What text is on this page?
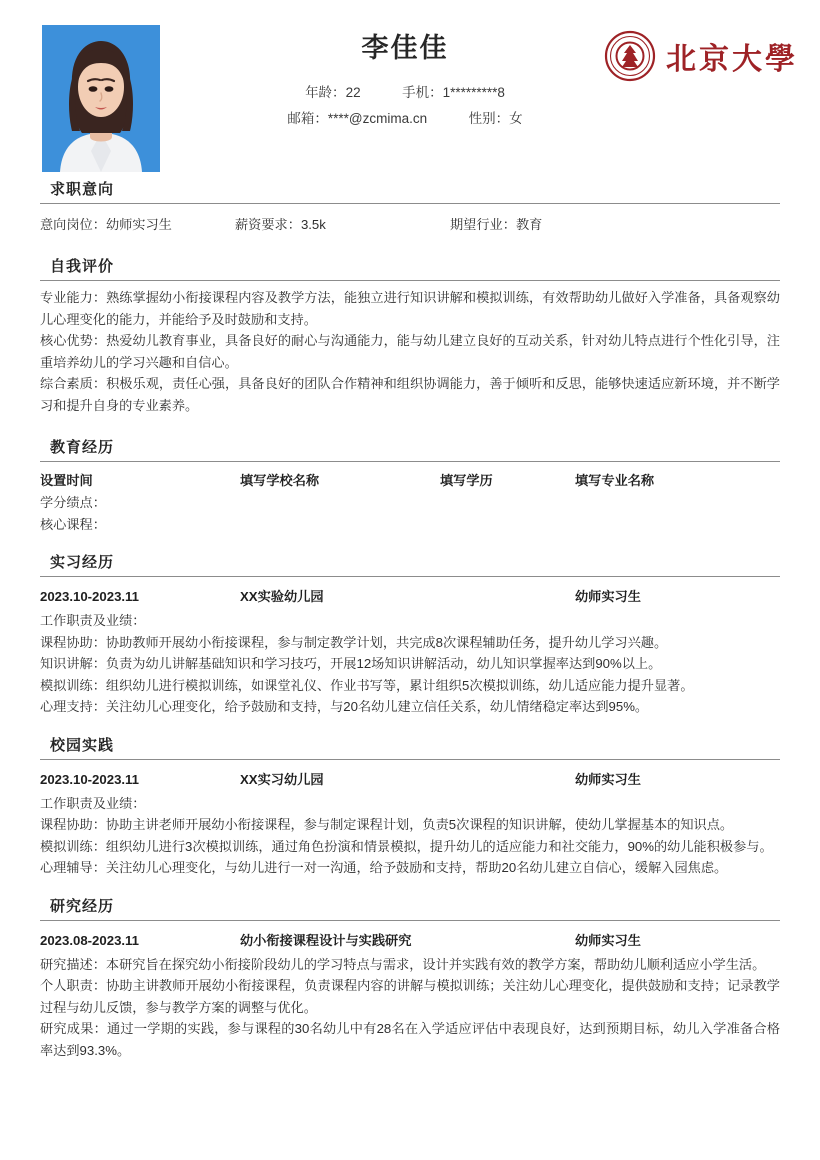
李佳佳
年龄：22	手机：1*********8
邮箱：****@zcmima.cn	性别：女
北京大學
求职意向
意向岗位：幼师实习生	薪资要求：3.5k	期望行业：教育
自我评价

专业能力：熟练掌握幼小衔接课程内容及教学方法，能独立进行知识讲解和模拟训练，有效帮助幼儿做好入学准备，具备观察幼儿心理变化的能力，并能给予及时鼓励和支持。

核心优势：热爱幼儿教育事业，具备良好的耐心与沟通能力，能与幼儿建立良好的互动关系，针对幼儿特点进行个性化引导，注重培养幼儿的学习兴趣和自信心。

综合素质：积极乐观，责任心强，具备良好的团队合作精神和组织协调能力，善于倾听和反思，能够快速适应新环境，并不断学习和提升自身的专业素养。

教育经历
设置时间	填写学校名称	填写学历	填写专业名称
学分绩点：
核心课程：
实习经历
2023.10-2023.11	XX实验幼儿园	幼师实习生
工作职责及业绩：

课程协助：协助教师开展幼小衔接课程，参与制定教学计划，共完成8次课程辅助任务，提升幼儿学习兴趣。

知识讲解：负责为幼儿讲解基础知识和学习技巧，开展12场知识讲解活动，幼儿知识掌握率达到90%以上。

模拟训练：组织幼儿进行模拟训练，如课堂礼仪、作业书写等，累计组织5次模拟训练，幼儿适应能力提升显著。

心理支持：关注幼儿心理变化，给予鼓励和支持，与20名幼儿建立信任关系，幼儿情绪稳定率达到95%。

校园实践
2023.10-2023.11	XX实习幼儿园	幼师实习生
工作职责及业绩：

课程协助：协助主讲老师开展幼小衔接课程，参与制定课程计划，负责5次课程的知识讲解，使幼儿掌握基本的知识点。

模拟训练：组织幼儿进行3次模拟训练，通过角色扮演和情景模拟，提升幼儿的适应能力和社交能力，90%的幼儿能积极参与。

心理辅导：关注幼儿心理变化，与幼儿进行一对一沟通，给予鼓励和支持，帮助20名幼儿建立自信心，缓解入园焦虑。

研究经历
2023.08-2023.11	幼小衔接课程设计与实践研究	幼师实习生

研究描述：本研究旨在探究幼小衔接阶段幼儿的学习特点与需求，设计并实践有效的教学方案，帮助幼儿顺利适应小学生活。

个人职责：协助主讲教师开展幼小衔接课程，负责课程内容的讲解与模拟训练；关注幼儿心理变化，提供鼓励和支持；记录教学过程与幼儿反馈，参与教学方案的调整与优化。

研究成果：通过一学期的实践，参与课程的30名幼儿中有28名在入学适应评估中表现良好，达到预期目标，幼儿入学准备合格率达到93.3%。
